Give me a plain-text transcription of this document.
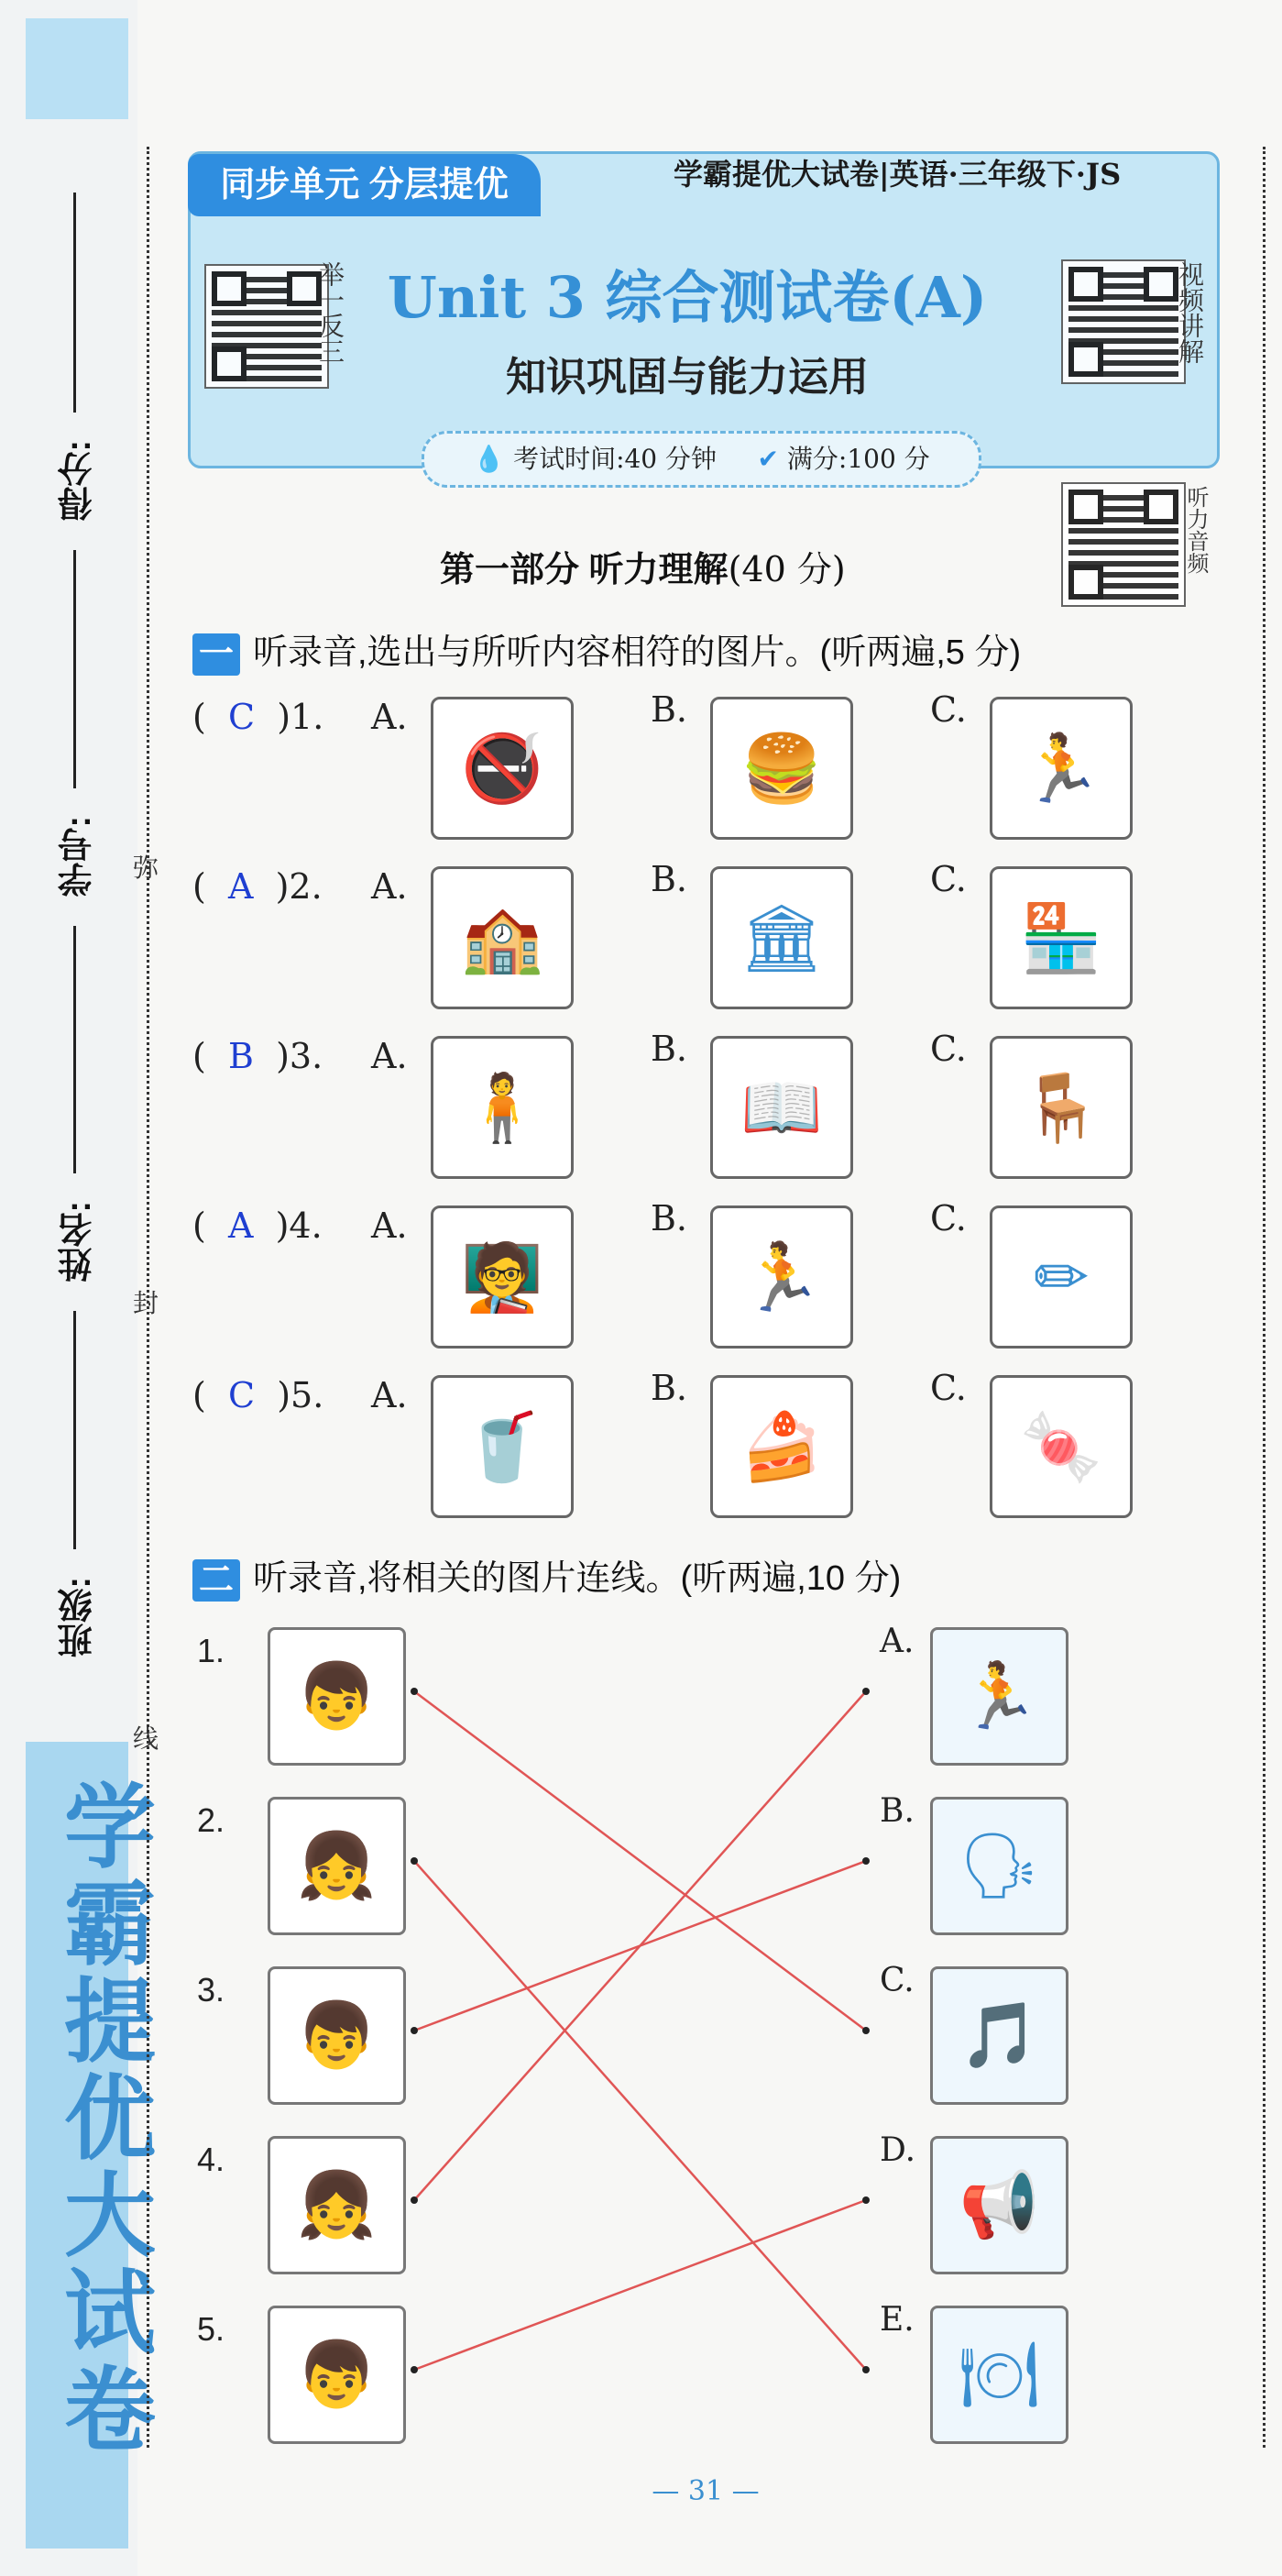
学霸提优大试卷
得分:
学号:
姓名:
班级:
弥
封
线
同步单元 分层提优	学霸提优大试卷|英语·三年级下·JS
举一反三 Unit 3 综合测试卷(A)
知识巩固与能力运用
视频讲解
💧 考试时间:40 分钟 ✔ 满分:100 分
听力音频
第一部分 听力理解(40 分)
一 听录音,选出与所听内容相符的图片。(听两遍,5 分)
(  C  )1. A.
🚭
B.
🍔
C.
🏃
(  A  )2. A.
🏫
B.
🏛
C.
🏪
(  B  )3. A.
🧍
B.
📖
C.
🪑
(  A  )4. A.
🧑‍🏫
B.
🏃
C.
✏
(  C  )5. A.
🥤
B.
🍰
C.
🍬
二 听录音,将相关的图片连线。(听两遍,10 分)
1.
👦
A.
🏃
2.
👧
B.
🗣
3.
👦
C.
🎵
4.
👧
D.
📢
5.
👦
E.
🍽
— 31 —
